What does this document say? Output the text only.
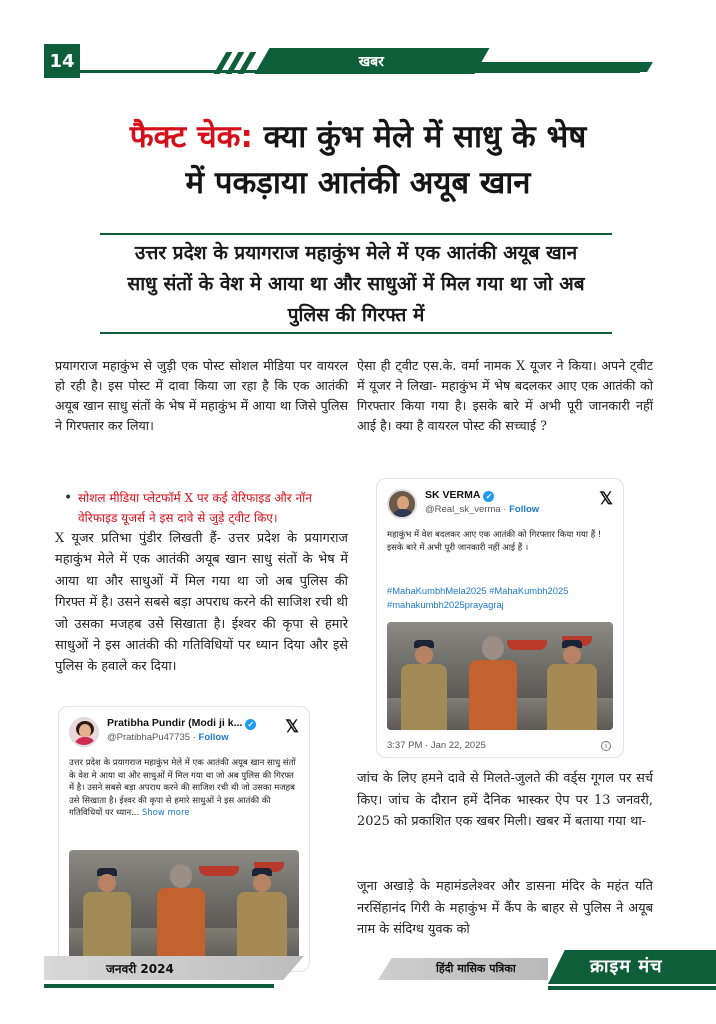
14	खबर
फैक्ट चेक: क्या कुंभ मेले में साधु के भेष
में पकड़ाया आतंकी अयूब खान
उत्तर प्रदेश के प्रयागराज महाकुंभ मेले में एक आतंकी अयूब खान
साधु संतों के वेश मे आया था और साधुओं में मिल गया था जो अब
पुलिस की गिरफ्त में

प्रयागराज महाकुंभ से जुड़ी एक पोस्ट सोशल मीडिया पर वायरल हो रही है। इस पोस्ट में दावा किया जा रहा है कि एक आतंकी अयूब खान साधु संतों के भेष में महाकुंभ में आया था जिसे पुलिस ने गिरफ्तार कर लिया।

• सोशल मीडिया प्लेटफॉर्म X पर कई वेरिफाइड और नॉन वेरिफाइड यूजर्स ने इस दावे से जुड़े ट्वीट किए।

X यूजर प्रतिभा पुंडीर लिखती हैं- उत्तर प्रदेश के प्रयागराज महाकुंभ मेले में एक आतंकी अयूब खान साधु संतों के भेष में आया था और साधुओं में मिल गया था जो अब पुलिस की गिरफ्त में है। उसने सबसे बड़ा अपराध करने की साजिश रची थी जो उसका मजहब उसे सिखाता है। ईश्वर की कृपा से हमारे साधुओं ने इस आतंकी की गतिविधियों पर ध्यान दिया और इसे पुलिस के हवाले कर दिया।

ऐसा ही ट्वीट एस.के. वर्मा नामक X यूजर ने किया। अपने ट्वीट में यूजर ने लिखा- महाकुंभ में भेष बदलकर आए एक आतंकी को गिरफ्तार किया गया है। इसके बारे में अभी पूरी जानकारी नहीं आई है। क्या है वायरल पोस्ट की सच्चाई ?

जांच के लिए हमने दावे से मिलते-जुलते की वर्ड्स गूगल पर सर्च किए। जांच के दौरान हमें दैनिक भास्कर ऐप पर 13 जनवरी, 2025 को प्रकाशित एक खबर मिली। खबर में बताया गया था-

जूना अखाड़े के महामंडलेश्वर और डासना मंदिर के महंत यति नरसिंहानंद गिरी के महाकुंभ में कैंप के बाहर से पुलिस ने अयूब नाम के संदिग्ध युवक को

SK VERMA ✓
@Real_sk_verma · Follow
𝕏
महाकुंभ में वेश बदलकर आए एक आतंकी को गिरफ्तार किया गया हैं !
इसके बारे में अभी पूरी जानकारी नहीं आई हैं ।
#MahaKumbhMela2025 #MahaKumbh2025
#mahakumbh2025prayagraj
3:37 PM · Jan 22, 2025	i
Pratibha Pundir (Modi ji k... ✓
@PratibhaPu47735 · Follow
𝕏
उत्तर प्रदेश के प्रयागराज महाकुंभ मेले में एक आतंकी अयूब खान साधु संतों के वेश मे आया था और साधुओं में मिल गया था जो अब पुलिस की गिरफ्त में है। उसने सबसे बड़ा अपराध करने की साजिश रची थी जो उसका मजहब उसे सिखाता है। ईश्वर की कृपा से हमारे साधुओं ने इस आतंकी की गतिविधियों पर ध्यान... Show more
जनवरी 2024	हिंदी मासिक पत्रिका	क्राइम मंच
